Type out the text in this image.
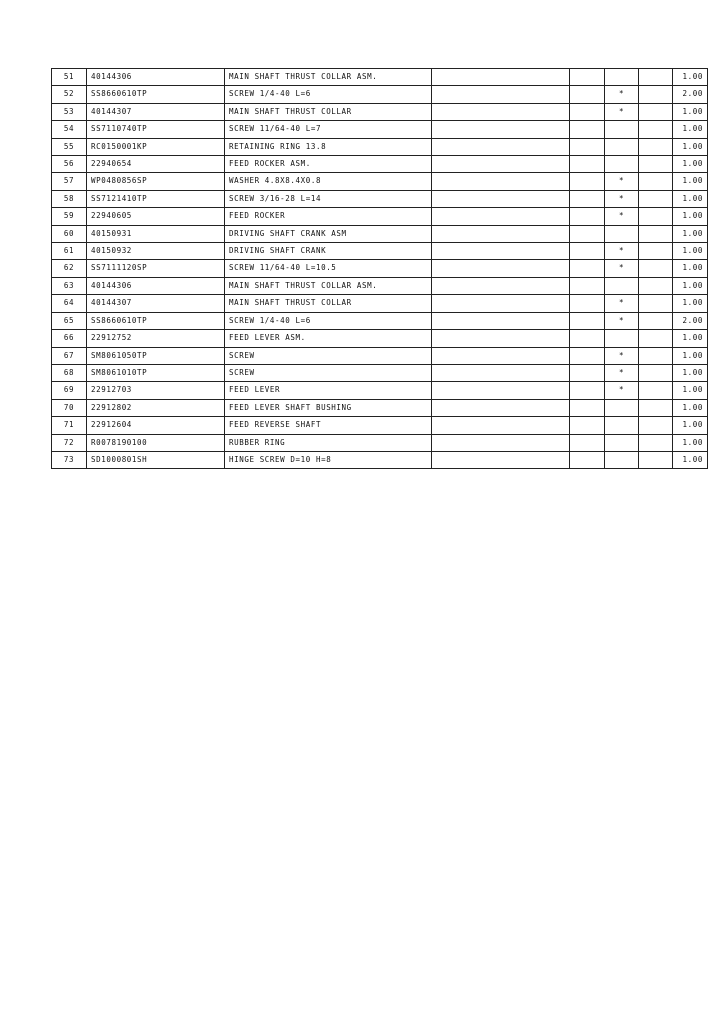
51	40144306	MAIN SHAFT THRUST COLLAR ASM.					1.00
52	SS8660610TP	SCREW 1/4-40 L=6			*		2.00
53	40144307	MAIN SHAFT THRUST COLLAR			*		1.00
54	SS7110740TP	SCREW 11/64-40 L=7					1.00
55	RC0150001KP	RETAINING RING 13.8					1.00
56	22940654	FEED ROCKER ASM.					1.00
57	WP0480856SP	WASHER 4.8X8.4X0.8			*		1.00
58	SS7121410TP	SCREW 3/16-28 L=14			*		1.00
59	22940605	FEED ROCKER			*		1.00
60	40150931	DRIVING SHAFT CRANK ASM					1.00
61	40150932	DRIVING SHAFT CRANK			*		1.00
62	SS7111120SP	SCREW 11/64-40 L=10.5			*		1.00
63	40144306	MAIN SHAFT THRUST COLLAR ASM.					1.00
64	40144307	MAIN SHAFT THRUST COLLAR			*		1.00
65	SS8660610TP	SCREW 1/4-40 L=6			*		2.00
66	22912752	FEED LEVER ASM.					1.00
67	SM8061050TP	SCREW			*		1.00
68	SM8061010TP	SCREW			*		1.00
69	22912703	FEED LEVER			*		1.00
70	22912802	FEED LEVER SHAFT BUSHING					1.00
71	22912604	FEED REVERSE SHAFT					1.00
72	R0078190100	RUBBER RING					1.00
73	SD1000801SH	HINGE SCREW D=10 H=8					1.00
